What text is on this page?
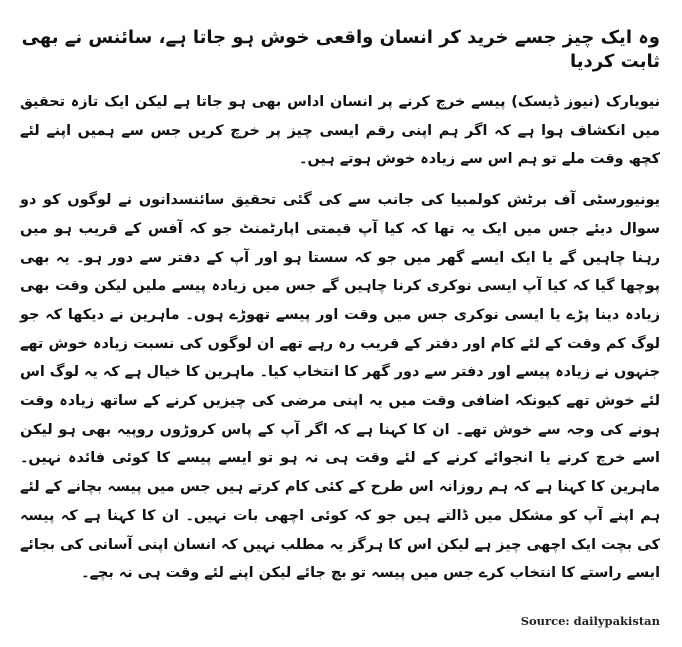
وہ ایک چیز جسے خرید کر انسان واقعی خوش ہو جاتا ہے، سائنس نے بھی ثابت کردیا

نیویارک (نیوز ڈیسک) پیسے خرچ کرنے پر انسان اداس بھی ہو جاتا ہے لیکن ایک تازہ تحقیق میں انکشاف ہوا ہے کہ اگر ہم اپنی رقم ایسی چیز پر خرچ کریں جس سے ہمیں اپنے لئے کچھ وقت ملے تو ہم اس سے زیادہ خوش ہوتے ہیں۔

یونیورسٹی آف برٹش کولمبیا کی جانب سے کی گئی تحقیق سائنسدانوں نے لوگوں کو دو سوال دیئے جس میں ایک یہ تھا کہ کیا آپ قیمتی اپارٹمنٹ جو کہ آفس کے قریب ہو میں رہنا چاہیں گے یا ایک ایسے گھر میں جو کہ سستا ہو اور آپ کے دفتر سے دور ہو۔ یہ بھی پوچھا گیا کہ کیا آپ ایسی نوکری کرنا چاہیں گے جس میں زیادہ پیسے ملیں لیکن وقت بھی زیادہ دینا پڑے یا ایسی نوکری جس میں وقت اور پیسے تھوڑے ہوں۔ ماہرین نے دیکھا کہ جو لوگ کم وقت کے لئے کام اور دفتر کے قریب رہ رہے تھے ان لوگوں کی نسبت زیادہ خوش تھے جنہوں نے زیادہ پیسے اور دفتر سے دور گھر کا انتخاب کیا۔ ماہرین کا خیال ہے کہ یہ لوگ اس لئے خوش تھے کیونکہ اضافی وقت میں یہ اپنی مرضی کی چیزیں کرنے کے ساتھ زیادہ وقت ہونے کی وجہ سے خوش تھے۔ ان کا کہنا ہے کہ اگر آپ کے پاس کروڑوں روپیہ بھی ہو لیکن اسے خرچ کرنے یا انجوائے کرنے کے لئے وقت ہی نہ ہو تو ایسے پیسے کا کوئی فائدہ نہیں۔ ماہرین کا کہنا ہے کہ ہم روزانہ اس طرح کے کئی کام کرتے ہیں جس میں پیسہ بچانے کے لئے ہم اپنے آپ کو مشکل میں ڈالتے ہیں جو کہ کوئی اچھی بات نہیں۔ ان کا کہنا ہے کہ پیسہ کی بچت ایک اچھی چیز ہے لیکن اس کا ہرگز یہ مطلب نہیں کہ انسان اپنی آسانی کی بجائے ایسے راستے کا انتخاب کرے جس میں پیسہ تو بچ جائے لیکن اپنے لئے وقت ہی نہ بچے۔

Source: dailypakistan
